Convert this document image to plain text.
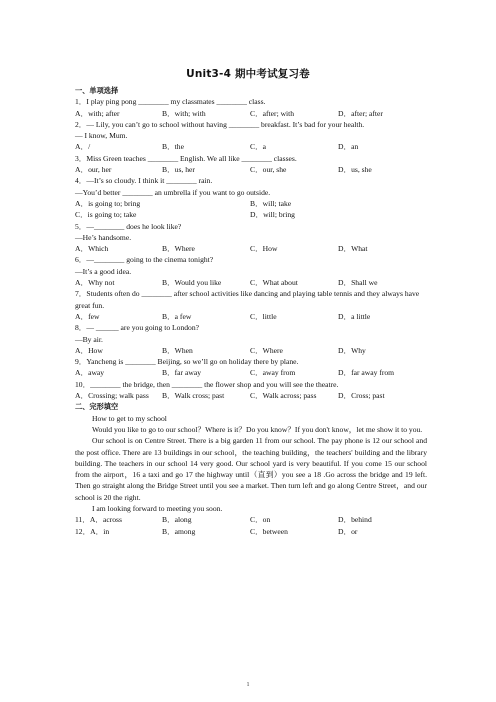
Unit3-4 期中考试复习卷
一、单项选择
1．I play ping pong ________ my classmates ________ class.
A．with; after	B．with; with	C．after; with	D．after; after
2．— Lily, you can’t go to school without having ________ breakfast. It’s bad for your health.
— I know, Mum.
A．/	B．the	C．a	D．an
3．Miss Green teaches ________ English. We all like ________ classes.
A．our, her	B．us, her	C．our, she	D．us, she
4．—It’s so cloudy. I think it ________ rain.
—You’d better ________ an umbrella if you want to go outside.
A．is going to; bring	B．will; take
C．is going to; take	D．will; bring
5．—________ does he look like?
—He’s handsome.
A．Which	B．Where	C．How	D．What
6．—________ going to the cinema tonight?
—It’s a good idea.
A．Why not	B．Would you like	C．What about	D．Shall we
7．Students often do ________ after school activities like dancing and playing table tennis and they always have great fun.
A．few	B．a few	C．little	D．a little
8．— ______ are you going to London?
—By air.
A．How	B．When	C．Where	D．Why
9．Yancheng is ________ Beijing, so we’ll go on holiday there by plane.
A．away	B．far away	C．away from	D．far away from
10．________ the bridge, then ________ the flower shop and you will see the theatre.
A．Crossing; walk pass	B．Walk cross; past	C．Walk across; pass	D．Cross; past
二、完形填空
How to get to my school
Would you like to go to our school？Where is it？Do you know？If you don't know，let me show it to you.
Our school is on Centre Street. There is a big garden 11 from our school. The pay phone is 12 our school and the post office. There are 13 buildings in our school，the teaching building，the teachers' building and the library building. The teachers in our school 14 very good. Our school yard is very beautiful. If you come 15 our school from the airport，16 a taxi and go 17 the highway until（直到）you see a 18 .Go across the bridge and 19 left. Then go straight along the Bridge Street until you see a market. Then turn left and go along Centre Street，and our school is 20 the right.
I am looking forward to meeting you soon.
11．A．across	B．along	C．on	D．behind
12．A．in	B．among	C．between	D．or
1
